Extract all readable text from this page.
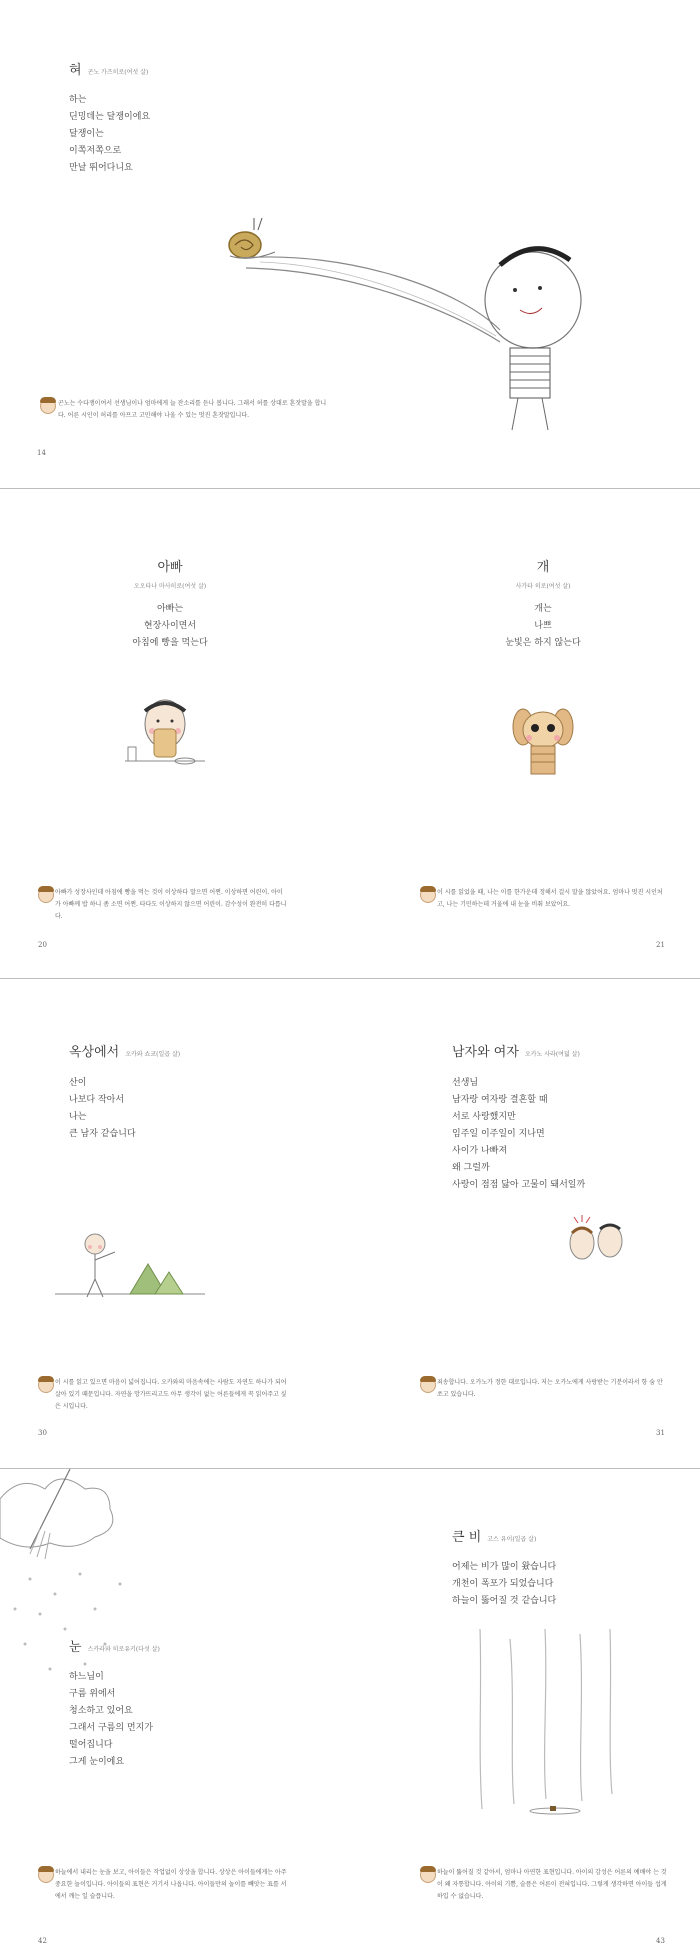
혀 곤노 가즈히로(여섯 살)
하는
딘밍데는 달쟁이에요
달쟁이는
이쪽저쪽으로
만날 뛰어다니요
곤노는 수다쟁이여서 선생님이나 엄마에게 늘 잔소리를 듣나 봅니다. 그래서 허를 상대로 혼잣말을 합니다. 어른 시인이 허리를 아프고 고민해야 나올 수 있는 멋진 혼잣말입니다.
14
아빠
오오타나 마사히로(여섯 살)
아빠는
현장사이면서
아침에 빵을 먹는다
아빠가 성장사인데 아침에 빵을 먹는 것이 이상하다 말으면 어쩐. 이상하면 어린이. 아이가 아빠께 밥 하니 좀 소면 어쩐. 타다도 이상하지 않으면 어린이. 감수성이 완전히 다릅니다.
20
개
사가타 히로(여섯 살)
개는
나쁘
눈빛은 하지 않는다
이 시를 읽었을 때, 나는 이를 한가운데 정해서 걸시 말을 않았어요. 엄마나 멋진 시인처고, 나는 기민하는데 거울에 내 눈을 비춰 보았어요.
21
옥상에서 오카와 쇼코(일곱 살)
산이
나보다 작아서
나는
큰 남자 같습니다
이 시를 읽고 있으면 마음이 넓어집니다. 오카와의 마음속에는 사람도 자연도 하나가 되어 살아 있기 때문입니다. 자연을 망가뜨리고도 아무 생각이 없는 어른들에게 꼭 읽어주고 싶은 시입니다.
30
남자와 여자 오카노 사라(여덟 살)
선생님
남자랑 여자랑 결혼할 때
서로 사랑했지만
임주일 이주일이 지나면
사이가 나빠져
왜 그럴까
사랑이 점점 닳아 고물이 돼서일까
죄송합니다. 오카노가 정한 대로입니다. 저는 오카노에게 사랑받는 기분이라서 항 숨 안 쏘고 있습니다.
31
눈 스카라와 히로유키(다섯 살)
하느님이
구름 위에서
청소하고 있어요
그래서 구름의 먼지가
떨어집니다
그게 눈이에요
하늘에서 내리는 눈을 보고, 아이들은 작업없이 상상을 합니다. 상상은 아이들에게는 아주 중요한 놀이입니다. 아이들의 표현은 거기서 나옵니다. 아이들만의 놀이를 빼앗는 표를 서에서 깨는 일 슬픕니다.
42
큰 비 고스 유이(일곱 살)
어제는 비가 많이 왔습니다
개천이 폭포가 되었습니다
하늘이 뚫어질 것 같습니다
하늘이 뚫어질 것 같아서, 엄마나 아연한 표현입니다. 아이의 감성은 어른의 예배야 는 것이 왜 자통합니다. 아이의 기쁨, 슬픔은 어른이 전혀입니다. 그렇게 생각하면 아이들 섭게하입 수 없습니다.
43
